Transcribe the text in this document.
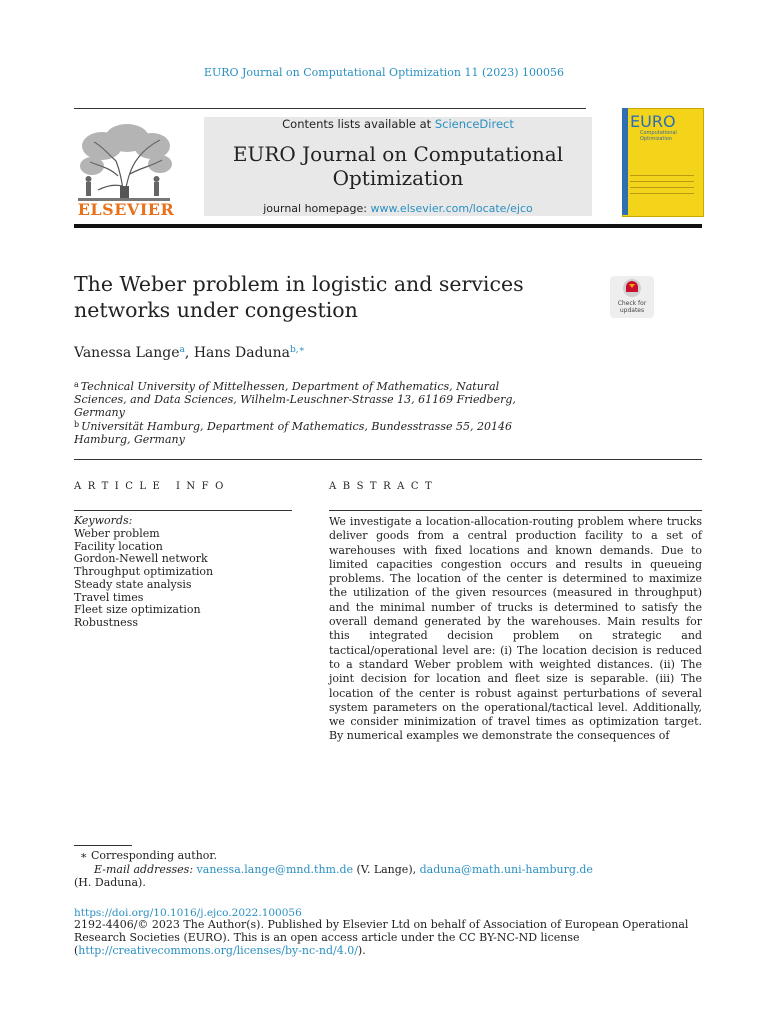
EURO Journal on Computational Optimization 11 (2023) 100056
ELSEVIER
Contents lists available at ScienceDirect
EURO Journal on Computational
Optimization
journal homepage: www.elsevier.com/locate/ejco
EURO
Computational Optimization
The Weber problem in logistic and services
networks under congestion	Check for
updates
Vanessa Lange$^a$, Hans Daduna$^{b,∗}$
$^a$ Technical University of Mittelhessen, Department of Mathematics, Natural Sciences, and Data Sciences, Wilhelm-Leuschner-Strasse 13, 61169 Friedberg, Germany
$^b$ Universität Hamburg, Department of Mathematics, Bundesstrasse 55, 20146 Hamburg, Germany
ARTICLE INFO	ABSTRACT
Keywords:
Weber problem
Facility location
Gordon-Newell network
Throughput optimization
Steady state analysis
Travel times
Fleet size optimization
Robustness
We investigate a location-allocation-routing problem where trucks deliver goods from a central production facility to a set of warehouses with fixed locations and known demands. Due to limited capacities congestion occurs and results in queueing problems. The location of the center is determined to maximize the utilization of the given resources (measured in throughput) and the minimal number of trucks is determined to satisfy the overall demand generated by the warehouses. Main results for this integrated decision problem on strategic and tactical/operational level are: (i) The location decision is reduced to a standard Weber problem with weighted distances. (ii) The joint decision for location and fleet size is separable. (iii) The location of the center is robust against perturbations of several system parameters on the operational/tactical level. Additionally, we consider minimization of travel times as optimization target. By numerical examples we demonstrate the consequences of
∗ Corresponding author.
E-mail addresses: vanessa.lange@mnd.thm.de (V. Lange), daduna@math.uni-hamburg.de
(H. Daduna).
https://doi.org/10.1016/j.ejco.2022.100056
2192-4406/© 2023 The Author(s). Published by Elsevier Ltd on behalf of Association of European Operational Research Societies (EURO). This is an open access article under the CC BY-NC-ND license (http://creativecommons.org/licenses/by-nc-nd/4.0/).
